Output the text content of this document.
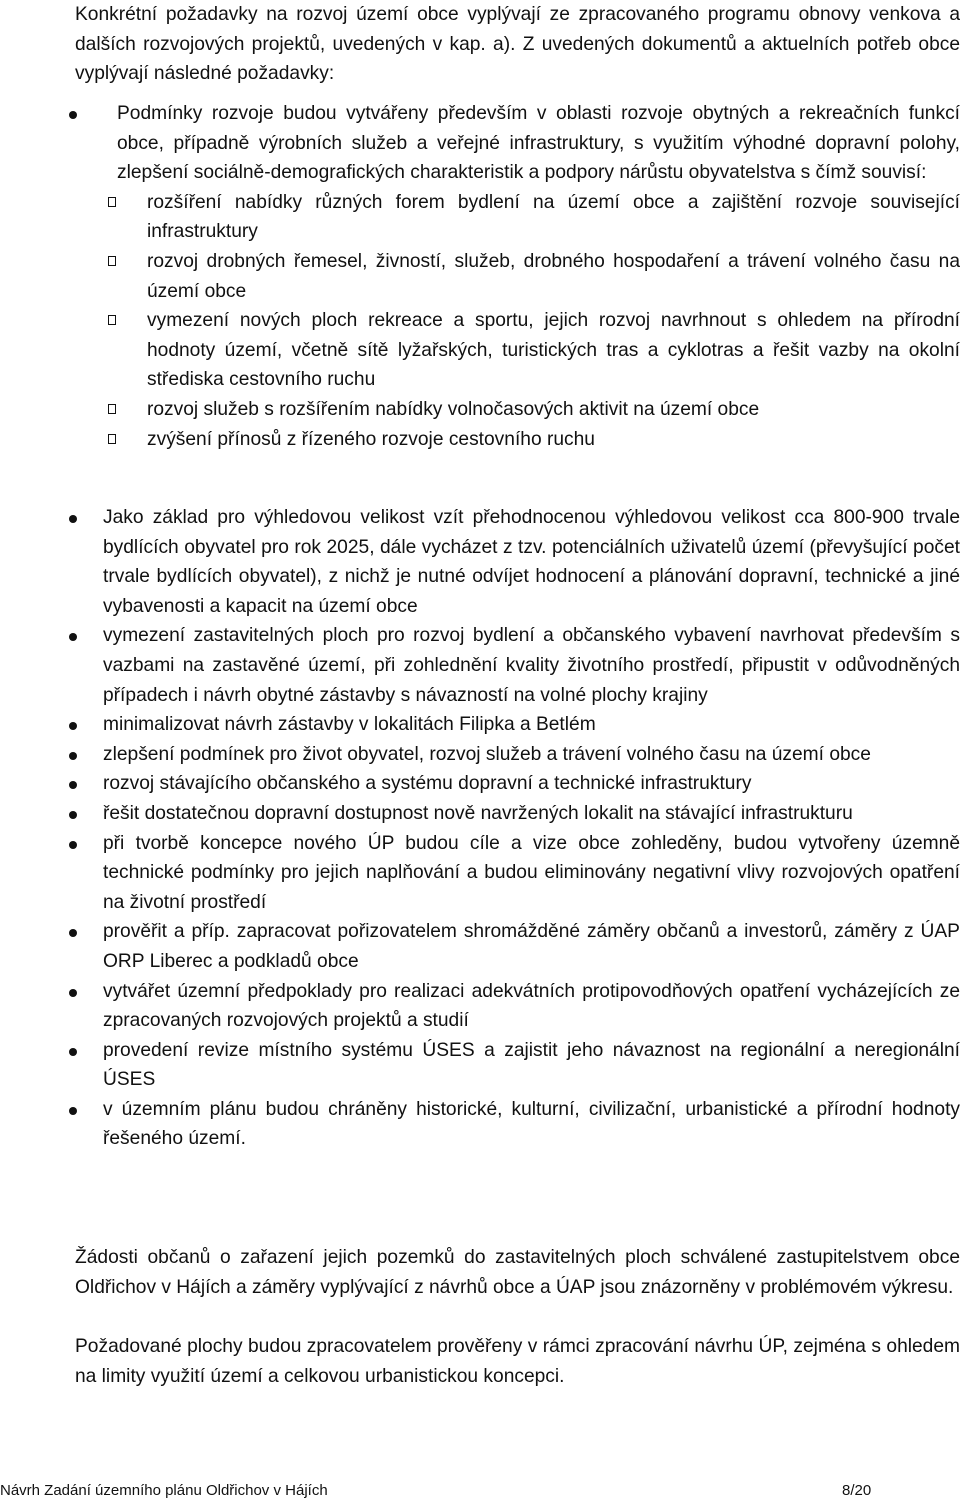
Konkrétní požadavky na rozvoj území obce vyplývají ze zpracovaného programu obnovy venkova a dalších rozvojových projektů, uvedených v kap. a). Z uvedených dokumentů a aktuelních potřeb obce vyplývají následné požadavky:

Podmínky rozvoje budou vytvářeny především v oblasti rozvoje obytných a rekreačních funkcí obce, případně výrobních služeb a veřejné infrastruktury, s využitím výhodné dopravní polohy, zlepšení sociálně-demografických charakteristik a podpory nárůstu obyvatelstva s čímž souvisí:
rozšíření nabídky různých forem bydlení na území obce a zajištění rozvoje související infrastruktury
rozvoj drobných řemesel, živností, služeb, drobného hospodaření a trávení volného času na území obce
vymezení nových ploch rekreace a sportu, jejich rozvoj navrhnout s ohledem na přírodní hodnoty území, včetně sítě lyžařských, turistických tras a cyklotras a řešit vazby na okolní střediska cestovního ruchu
rozvoj služeb s rozšířením nabídky volnočasových aktivit na území obce
zvýšení přínosů z řízeného rozvoje cestovního ruchu
Jako základ pro výhledovou velikost vzít přehodnocenou výhledovou velikost cca 800-900 trvale bydlících obyvatel pro rok 2025, dále vycházet z tzv. potenciálních uživatelů území (převyšující počet trvale bydlících obyvatel), z nichž je nutné odvíjet hodnocení a plánování dopravní, technické a jiné vybavenosti a kapacit na území obce
vymezení zastavitelných ploch pro rozvoj bydlení a občanského vybavení navrhovat především s vazbami na zastavěné území, při zohlednění kvality životního prostředí, připustit v odůvodněných případech i návrh obytné zástavby s návazností na volné plochy krajiny
minimalizovat návrh zástavby v lokalitách Filipka a Betlém
zlepšení podmínek pro život obyvatel, rozvoj služeb a trávení volného času na území obce
rozvoj stávajícího občanského a systému dopravní a technické infrastruktury
řešit dostatečnou dopravní dostupnost nově navržených lokalit na stávající infrastrukturu
při tvorbě koncepce nového ÚP budou cíle a vize obce zohleděny, budou vytvořeny územně technické podmínky pro jejich naplňování a budou eliminovány negativní vlivy rozvojových opatření na životní prostředí
prověřit a příp. zapracovat pořizovatelem shromážděné záměry občanů a investorů, záměry z ÚAP ORP Liberec a podkladů obce
vytvářet územní předpoklady pro realizaci adekvátních protipovodňových opatření vycházejících ze zpracovaných rozvojových projektů a studií
provedení revize místního systému ÚSES a zajistit jeho návaznost na regionální a neregionální ÚSES
v územním plánu budou chráněny historické, kulturní, civilizační, urbanistické a přírodní hodnoty řešeného území.

Žádosti občanů o zařazení jejich pozemků do zastavitelných ploch schválené zastupitelstvem obce Oldřichov v Hájích a záměry vyplývající z návrhů obce a ÚAP jsou znázorněny v problémovém výkresu.

Požadované plochy budou zpracovatelem prověřeny v rámci zpracování návrhu ÚP, zejména s ohledem na limity využití území a celkovou urbanistickou koncepci.

Návrh Zadání územního plánu Oldřichov v Hájích	8/20
